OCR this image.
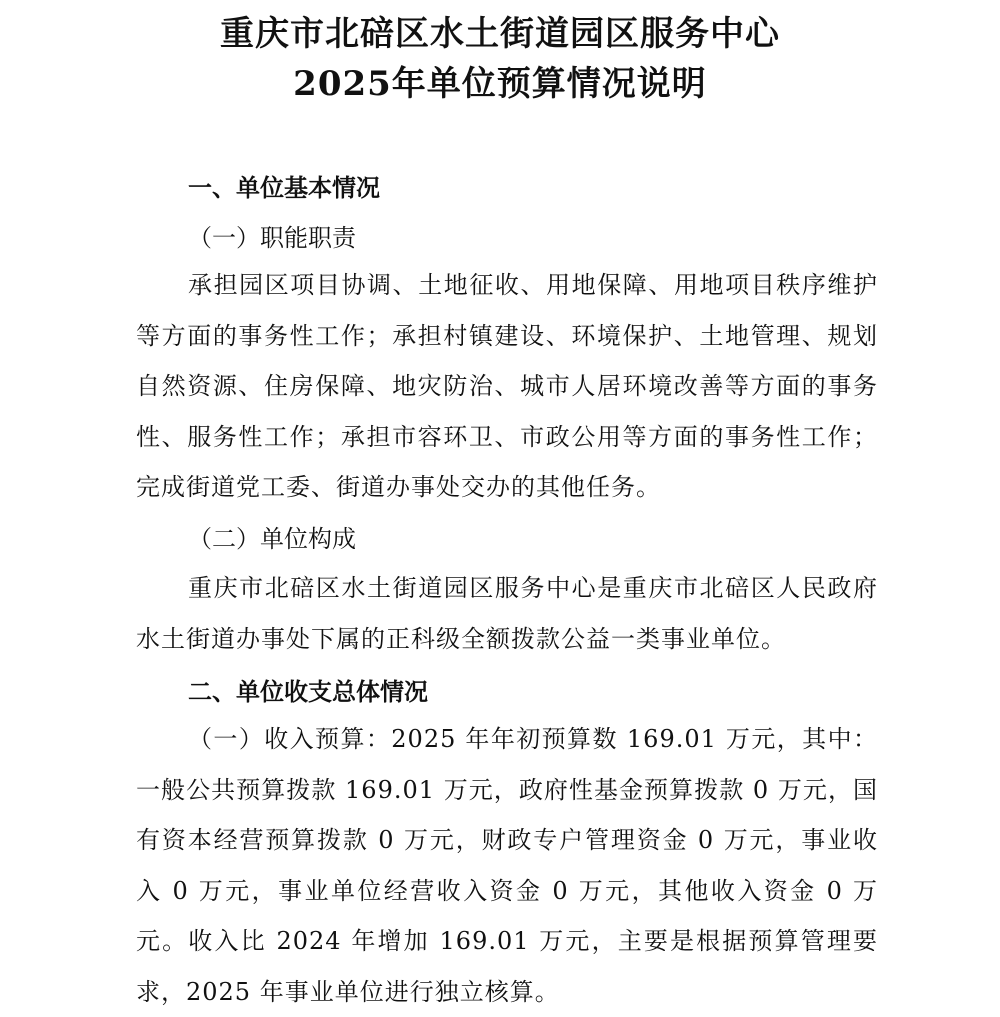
重庆市北碚区水土街道园区服务中心
2025年单位预算情况说明
一、单位基本情况
（一）职能职责
承担园区项目协调、土地征收、用地保障、用地项目秩序维护等方面的事务性工作；承担村镇建设、环境保护、土地管理、规划自然资源、住房保障、地灾防治、城市人居环境改善等方面的事务性、服务性工作；承担市容环卫、市政公用等方面的事务性工作；完成街道党工委、街道办事处交办的其他任务。
（二）单位构成
重庆市北碚区水土街道园区服务中心是重庆市北碚区人民政府水土街道办事处下属的正科级全额拨款公益一类事业单位。
二、单位收支总体情况
（一）收入预算：2025 年年初预算数 169.01 万元，其中：一般公共预算拨款 169.01 万元，政府性基金预算拨款 0 万元，国有资本经营预算拨款 0 万元，财政专户管理资金 0 万元，事业收入 0 万元，事业单位经营收入资金 0 万元，其他收入资金 0 万元。收入比 2024 年增加 169.01 万元，主要是根据预算管理要求，2025 年事业单位进行独立核算。
